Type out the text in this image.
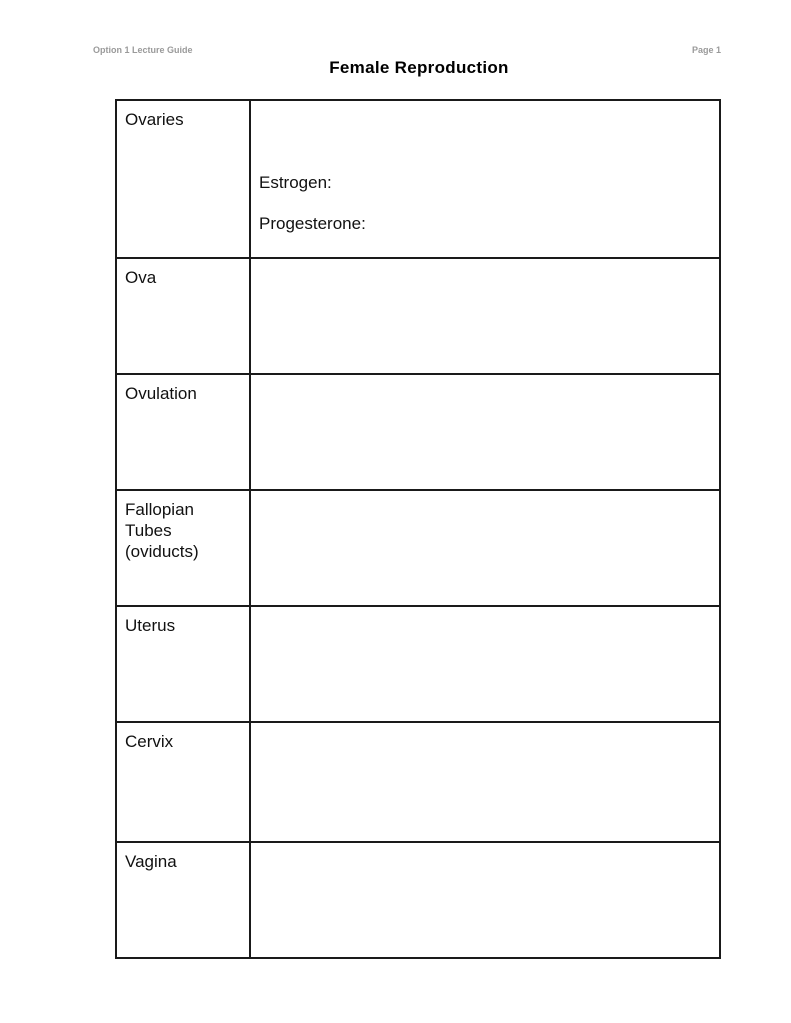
Option 1 Lecture Guide	Page 1
Female Reproduction
Ovaries	Estrogen:
Progesterone:

Ova	
Ovulation	
Fallopian Tubes (oviducts)	
Uterus	
Cervix	
Vagina	
